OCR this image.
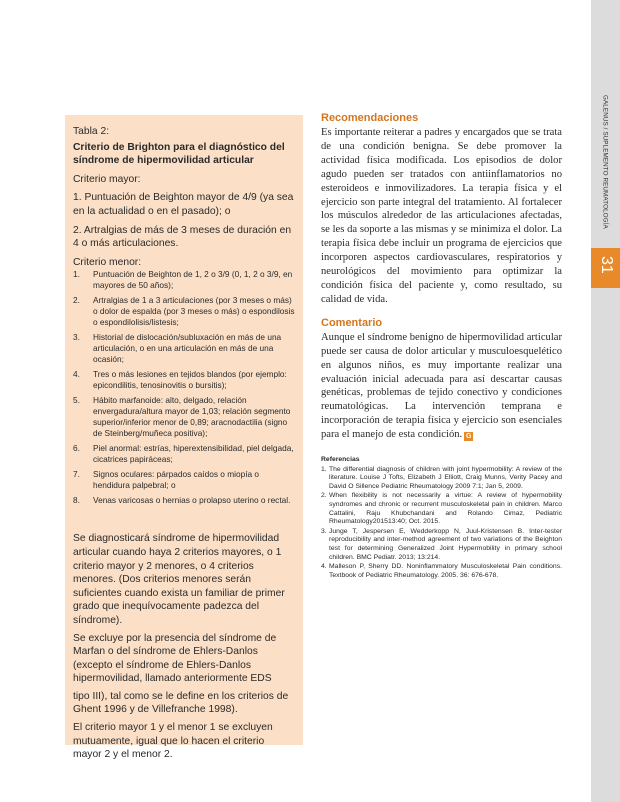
GALENUS / SUPLEMENTO REUMATOLOGÍA
31

Tabla 2:

Criterio de Brighton para el diagnóstico del síndrome de hipermovilidad articular

Criterio mayor:

1. Puntuación de Beighton mayor de 4/9 (ya sea en la actualidad o en el pasado); o

2. Artralgias de más de 3 meses de duración en 4 o más articulaciones.

Criterio menor:

1.	Puntuación de Beighton de 1, 2 o 3/9 (0, 1, 2 o 3/9, en mayores de 50 años);
2.	Artralgias de 1 a 3 articulaciones (por 3 meses o más) o dolor de espalda (por 3 meses o más) o espondilosis o espondilolisis/listesis;
3.	Historial de dislocación/subluxación en más de una articulación, o en una articulación en más de una ocasión;
4.	Tres o más lesiones en tejidos blandos (por ejemplo: epicondilitis, tenosinovitis o bursitis);
5.	Hábito marfanoide: alto, delgado, relación envergadura/altura mayor de 1,03; relación segmento superior/inferior menor de 0,89; aracnodactilia (signo de Steinberg/muñeca positiva);
6.	Piel anormal: estrías, hiperextensibilidad, piel delgada, cicatrices papiráceas;
7.	Signos oculares: párpados caídos o miopía o hendidura palpebral; o
8.	Venas varicosas o hernias o prolapso uterino o rectal.

Se diagnosticará síndrome de hipermovilidad articular cuando haya 2 criterios mayores, o 1 criterio mayor y 2 menores, o 4 criterios menores. (Dos criterios menores serán suficientes cuando exista un familiar de primer grado que inequívocamente padezca del síndrome).

Se excluye por la presencia del síndrome de Marfan o del síndrome de Ehlers-Danlos (excepto el síndrome de Ehlers-Danlos hipermovilidad, llamado anteriormente EDS

tipo III), tal como se le define en los criterios de Ghent 1996 y de Villefranche 1998).

El criterio mayor 1 y el menor 1 se excluyen mutuamente, igual que lo hacen el criterio mayor 2 y el menor 2.

Recomendaciones

Es importante reiterar a padres y encargados que se trata de una condición benigna. Se debe promover la actividad física modificada. Los episodios de dolor agudo pueden ser tratados con antiinflamatorios no esteroideos e inmovilizadores. La terapia física y el ejercicio son parte integral del tratamiento. Al fortalecer los músculos alrededor de las articulaciones afectadas, se les da soporte a las mismas y se minimiza el dolor. La terapia física debe incluir un programa de ejercicios que incorporen aspectos cardiovasculares, respiratorios y neurológicos del movimiento para optimizar la condición física del paciente y, como resultado, su calidad de vida.

Comentario

Aunque el síndrome benigno de hipermovilidad articular puede ser causa de dolor articular y musculoesquelético en algunos niños, es muy importante realizar una evaluación inicial adecuada para así descartar causas genéticas, problemas de tejido conectivo y condiciones reumatológicas. La intervención temprana e incorporación de terapia física y ejercicio son esenciales para el manejo de esta condición. G

Referencias

1. The differential diagnosis of children with joint hypermobility: A review of the literature. Louise J Tofts, Elizabeth J Elliott, Craig Munns, Verity Pacey and David O Sillence Pediatric Rheumatology 2009 7:1; Jan 5, 2009.
2. When flexibility is not necessarily a virtue: A review of hypermobility syndromes and chronic or recurrent musculoskeletal pain in children. Marco Cattalini, Raju Khubchandani and Rolando Cimaz, Pediatric Rheumatology201513:40; Oct. 2015.
3. Junge T, Jespersen E, Wedderkopp N, Juul-Kristensen B. Inter-tester reproducibility and inter-method agreement of two variations of the Beighton test for determining Generalized Joint Hypermobility in primary school children. BMC Pediatr. 2013; 13:214.
4. Malleson P, Sherry DD. Noninflammatory Musculoskeletal Pain conditions. Textbook of Pediatric Rheumatology. 2005. 36: 676-678.
